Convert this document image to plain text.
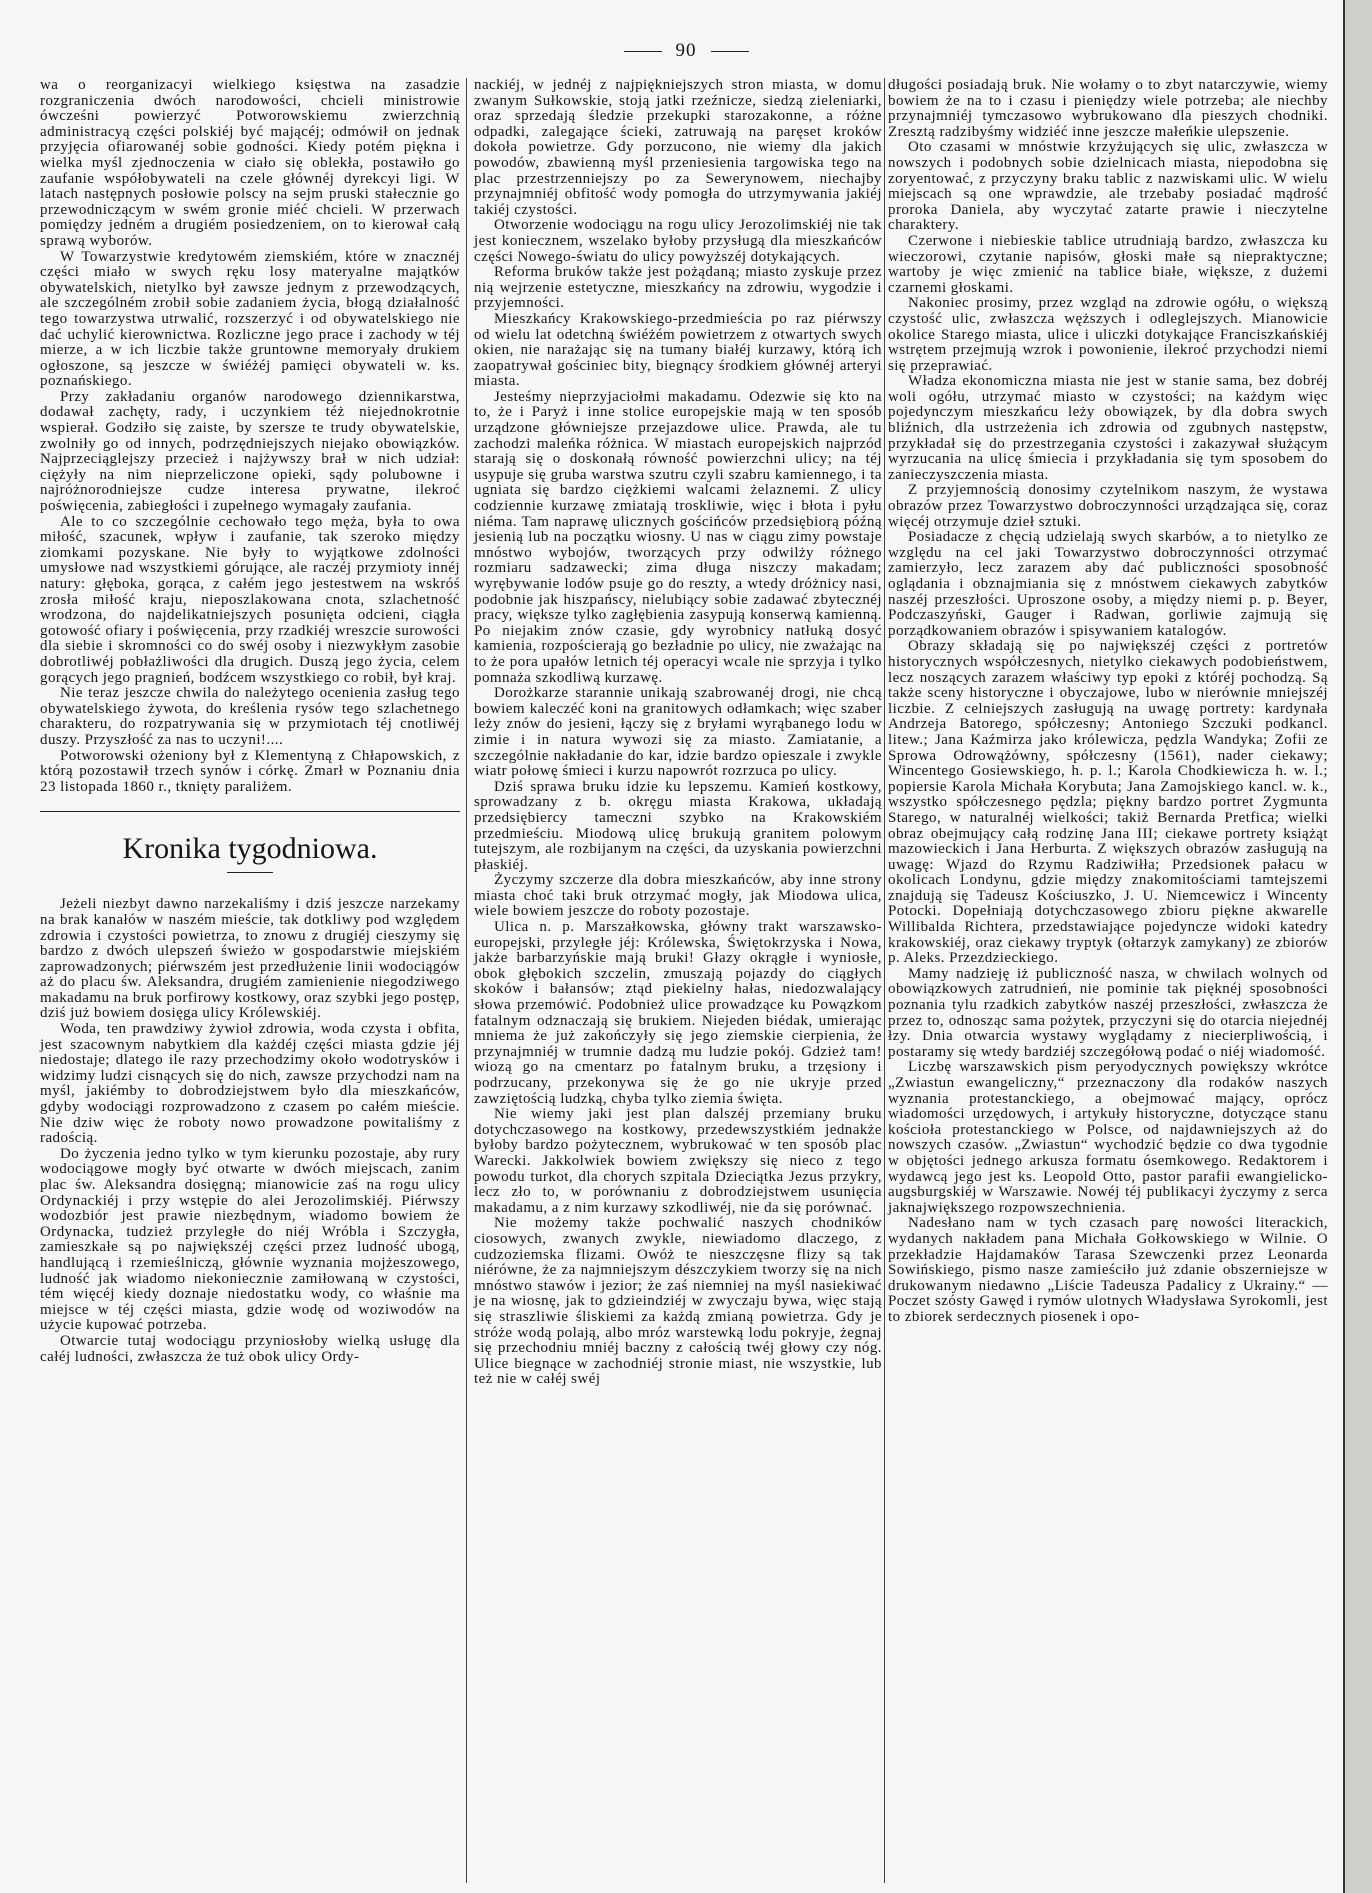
90

wa o reorganizacyi wielkiego księstwa na zasadzie rozgraniczenia dwóch narodowości, chcieli ministrowie ówcześni powierzyć Potworowskiemu zwierzchnią administracyą części polskiéj być mającéj; odmówił on jednak przyjęcia ofiarowanéj sobie godności. Kiedy potém piękna i wielka myśl zjednoczenia w ciało się oblekła, postawiło go zaufanie współobywateli na czele głównéj dyrekcyi ligi. W latach następnych posłowie polscy na sejm pruski stałecznie go przewodniczącym w swém gronie miéć chcieli. W przerwach pomiędzy jedném a drugiém posiedzeniem, on to kierował całą sprawą wyborów.

W Towarzystwie kredytowém ziemskiém, które w znacznéj części miało w swych ręku losy materyalne majątków obywatelskich, nietylko był zawsze jednym z przewodzących, ale szczególném zrobił sobie zadaniem życia, błogą działalność tego towarzystwa utrwalić, rozszerzyć i od obywatelskiego nie dać uchylić kierownictwa. Rozliczne jego prace i zachody w téj mierze, a w ich liczbie także gruntowne memoryały drukiem ogłoszone, są jeszcze w świéżéj pamięci obywateli w. ks. poznańskiego.

Przy zakładaniu organów narodowego dziennikarstwa, dodawał zachęty, rady, i uczynkiem téż niejednokrotnie wspierał. Godziło się zaiste, by szersze te trudy obywatelskie, zwolniły go od innych, podrzędniejszych niejako obowiązków. Najprzeciąglejszy przecież i najżywszy brał w nich udział: ciężyły na nim nieprzeliczone opieki, sądy polubowne i najróżnorodniejsze cudze interesa prywatne, ilekroć poświęcenia, zabiegłości i zupełnego wymagały zaufania.

Ale to co szczególnie cechowało tego męża, była to owa miłość, szacunek, wpływ i zaufanie, tak szeroko między ziomkami pozyskane. Nie były to wyjątkowe zdolności umysłowe nad wszystkiemi górujące, ale raczéj przymioty innéj natury: głęboka, gorąca, z całém jego jestestwem na wskróś zrosła miłość kraju, nieposzlakowana cnota, szlachetność wrodzona, do najdelikatniejszych posunięta odcieni, ciągła gotowość ofiary i poświęcenia, przy rzadkiéj wreszcie surowości dla siebie i skromności co do swéj osoby i niezwykłym zasobie dobrotliwéj pobłażliwości dla drugich. Duszą jego życia, celem gorących jego pragnień, bodźcem wszystkiego co robił, był kraj.

Nie teraz jeszcze chwila do należytego ocenienia zasług tego obywatelskiego żywota, do kreślenia rysów tego szlachetnego charakteru, do rozpatrywania się w przymiotach téj cnotliwéj duszy. Przyszłość za nas to uczyni!....

Potworowski ożeniony był z Klementyną z Chłapowskich, z którą pozostawił trzech synów i córkę. Zmarł w Poznaniu dnia 23 listopada 1860 r., tknięty paraliżem.

Kronika tygodniowa.

Jeżeli niezbyt dawno narzekaliśmy i dziś jeszcze narzekamy na brak kanałów w naszém mieście, tak dotkliwy pod względem zdrowia i czystości powietrza, to znowu z drugiéj cieszymy się bardzo z dwóch ulepszeń świeżo w gospodarstwie miejskiém zaprowadzonych; piérwszém jest przedłużenie linii wodociągów aż do placu św. Aleksandra, drugiém zamienienie niegodziwego makadamu na bruk porfirowy kostkowy, oraz szybki jego postęp, dziś już bowiem dosięga ulicy Królewskiéj.

Woda, ten prawdziwy żywioł zdrowia, woda czysta i obfita, jest szacownym nabytkiem dla każdéj części miasta gdzie jéj niedostaje; dlatego ile razy przechodzimy około wodotrysków i widzimy ludzi cisnących się do nich, zawsze przychodzi nam na myśl, jakiémby to dobrodziejstwem było dla mieszkańców, gdyby wodociągi rozprowadzono z czasem po całém mieście. Nie dziw więc że roboty nowo prowadzone powitaliśmy z radością.

Do życzenia jedno tylko w tym kierunku pozostaje, aby rury wodociągowe mogły być otwarte w dwóch miejscach, zanim plac św. Aleksandra dosięgną; mianowicie zaś na rogu ulicy Ordynackiéj i przy wstępie do alei Jerozolimskiéj. Piérwszy wodozbiór jest prawie niezbędnym, wiadomo bowiem że Ordynacka, tudzież przyległe do niéj Wróbla i Szczygła, zamieszkałe są po największéj części przez ludność ubogą, handlującą i rzemieślniczą, głównie wyznania mojżeszowego, ludność jak wiadomo niekoniecznie zamiłowaną w czystości, tém więcéj kiedy doznaje niedostatku wody, co właśnie ma miejsce w téj części miasta, gdzie wodę od woziwodów na użycie kupować potrzeba.

Otwarcie tutaj wodociągu przyniosłoby wielką usługę dla całéj ludności, zwłaszcza że tuż obok ulicy Ordy-

nackiéj, w jednéj z najpiękniejszych stron miasta, w domu zwanym Sułkowskie, stoją jatki rzeźnicze, siedzą zieleniarki, oraz sprzedają śledzie przekupki starozakonne, a różne odpadki, zalegające ścieki, zatruwają na paręset kroków dokoła powietrze. Gdy porzucono, nie wiemy dla jakich powodów, zbawienną myśl przeniesienia targowiska tego na plac przestrzenniejszy po za Sewerynowem, niechajby przynajmniéj obfitość wody pomogła do utrzymywania jakiéj takiéj czystości.

Otworzenie wodociągu na rogu ulicy Jerozolimskiéj nie tak jest koniecznem, wszelako byłoby przysługą dla mieszkańców części Nowego-światu do ulicy powyższéj dotykających.

Reforma bruków także jest pożądaną; miasto zyskuje przez nią wejrzenie estetyczne, mieszkańcy na zdrowiu, wygodzie i przyjemności.

Mieszkańcy Krakowskiego-przedmieścia po raz piérwszy od wielu lat odetchną świéżém powietrzem z otwartych swych okien, nie narażając się na tumany białéj kurzawy, którą ich zaopatrywał gościniec bity, biegnący środkiem głównéj arteryi miasta.

Jesteśmy nieprzyjaciołmi makadamu. Odezwie się kto na to, że i Paryż i inne stolice europejskie mają w ten sposób urządzone główniejsze przejazdowe ulice. Prawda, ale tu zachodzi maleńka różnica. W miastach europejskich najprzód starają się o doskonałą równość powierzchni ulicy; na téj usypuje się gruba warstwa szutru czyli szabru kamiennego, i ta ugniata się bardzo ciężkiemi walcami żelaznemi. Z ulicy codziennie kurzawę zmiatają troskliwie, więc i błota i pyłu niéma. Tam naprawę ulicznych gościńców przedsiębiorą późną jesienią lub na początku wiosny. U nas w ciągu zimy powstaje mnóstwo wybojów, tworzących przy odwilży różnego rozmiaru sadzawecki; zima długa niszczy makadam; wyrębywanie lodów psuje go do reszty, a wtedy dróżnicy nasi, podobnie jak hiszpańscy, nielubiący sobie zadawać zbytecznéj pracy, większe tylko zagłębienia zasypują konserwą kamienną. Po niejakim znów czasie, gdy wyrobnicy natłuką dosyć kamienia, rozpościerają go bezładnie po ulicy, nie zważając na to że pora upałów letnich téj operacyi wcale nie sprzyja i tylko pomnaża szkodliwą kurzawę.

Dorożkarze starannie unikają szabrowanéj drogi, nie chcą bowiem kaleczéć koni na granitowych odłamkach; więc szaber leży znów do jesieni, łączy się z bryłami wyrąbanego lodu w zimie i in natura wywozi się za miasto. Zamiatanie, a szczególnie nakładanie do kar, idzie bardzo opieszale i zwykle wiatr połowę śmieci i kurzu napowrót rozrzuca po ulicy.

Dziś sprawa bruku idzie ku lepszemu. Kamień kostkowy, sprowadzany z b. okręgu miasta Krakowa, układają przedsiębiercy tameczni szybko na Krakowskiém przedmieściu. Miodową ulicę brukują granitem polowym tutejszym, ale rozbijanym na części, da uzyskania powierzchni płaskiéj.

Życzymy szczerze dla dobra mieszkańców, aby inne strony miasta choć taki bruk otrzymać mogły, jak Miodowa ulica, wiele bowiem jeszcze do roboty pozostaje.

Ulica n. p. Marszałkowska, główny trakt warszawsko-europejski, przyległe jéj: Królewska, Świętokrzyska i Nowa, jakże barbarzyńskie mają bruki! Głazy okrągłe i wyniosłe, obok głębokich szczelin, zmuszają pojazdy do ciągłych skoków i bałansów; ztąd piekielny hałas, niedozwalający słowa przemówić. Podobnież ulice prowadzące ku Powązkom fatalnym odznaczają się brukiem. Niejeden biédak, umierając mniema że już zakończyły się jego ziemskie cierpienia, że przynajmniéj w trumnie dadzą mu ludzie pokój. Gdzież tam! wiozą go na cmentarz po fatalnym bruku, a trzęsiony i podrzucany, przekonywa się że go nie ukryje przed zawziętością ludzką, chyba tylko ziemia święta.

Nie wiemy jaki jest plan dalszéj przemiany bruku dotychczasowego na kostkowy, przedewszystkiém jednakże byłoby bardzo pożytecznem, wybrukować w ten sposób plac Warecki. Jakkolwiek bowiem zwiększy się nieco z tego powodu turkot, dla chorych szpitala Dzieciątka Jezus przykry, lecz zło to, w porównaniu z dobrodziejstwem usunięcia makadamu, a z nim kurzawy szkodliwéj, nie da się porównać.

Nie możemy także pochwalić naszych chodników ciosowych, zwanych zwykle, niewiadomo dlaczego, z cudzoziemska flizami. Owóż te nieszczęsne flizy są tak niérówne, że za najmniejszym dészczykiem tworzy się na nich mnóstwo stawów i jezior; że zaś niemniej na myśl nasiekiwać je na wiosnę, jak to gdzieindziéj w zwyczaju bywa, więc stają się straszliwie śliskiemi za każdą zmianą powietrza. Gdy je stróże wodą polają, albo mróz warstewką lodu pokryje, żegnaj się przechodniu mniéj baczny z całością twéj głowy czy nóg. Ulice biegnące w zachodniéj stronie miast, nie wszystkie, lub też nie w całéj swéj

długości posiadają bruk. Nie wołamy o to zbyt natarczywie, wiemy bowiem że na to i czasu i pieniędzy wiele potrzeba; ale niechby przynajmniéj tymczasowo wybrukowano dla pieszych chodniki. Zresztą radzibyśmy widziéć inne jeszcze małeńkie ulepszenie.

Oto czasami w mnóstwie krzyżujących się ulic, zwłaszcza w nowszych i podobnych sobie dzielnicach miasta, niepodobna się zoryentować, z przyczyny braku tablic z nazwiskami ulic. W wielu miejscach są one wprawdzie, ale trzebaby posiadać mądrość proroka Daniela, aby wyczytać zatarte prawie i nieczytelne charaktery.

Czerwone i niebieskie tablice utrudniają bardzo, zwłaszcza ku wieczorowi, czytanie napisów, głoski małe są niepraktyczne; wartoby je więc zmienić na tablice białe, większe, z dużemi czarnemi głoskami.

Nakoniec prosimy, przez wzgląd na zdrowie ogółu, o większą czystość ulic, zwłaszcza węższych i odleglejszych. Mianowicie okolice Starego miasta, ulice i uliczki dotykające Franciszkańskiéj wstrętem przejmują wzrok i powonienie, ilekroć przychodzi niemi się przeprawiać.

Władza ekonomiczna miasta nie jest w stanie sama, bez dobréj woli ogółu, utrzymać miasto w czystości; na każdym więc pojedynczym mieszkańcu leży obowiązek, by dla dobra swych bliźnich, dla ustrzeżenia ich zdrowia od zgubnych następstw, przykładał się do przestrzegania czystości i zakazywał służącym wyrzucania na ulicę śmiecia i przykładania się tym sposobem do zanieczyszczenia miasta.

Z przyjemnością donosimy czytelnikom naszym, że wystawa obrazów przez Towarzystwo dobroczynności urządzająca się, coraz więcéj otrzymuje dzieł sztuki.

Posiadacze z chęcią udzielają swych skarbów, a to nietylko ze względu na cel jaki Towarzystwo dobroczynności otrzymać zamierzyło, lecz zarazem aby dać publiczności sposobność oglądania i obznajmiania się z mnóstwem ciekawych zabytków naszéj przeszłości. Uproszone osoby, a między niemi p. p. Beyer, Podczaszyński, Gauger i Radwan, gorliwie zajmują się porządkowaniem obrazów i spisywaniem katalogów.

Obrazy składają się po największéj części z portretów historycznych współczesnych, nietylko ciekawych podobieństwem, lecz noszących zarazem właściwy typ epoki z któréj pochodzą. Są także sceny historyczne i obyczajowe, lubo w nierównie mniejszéj liczbie. Z celniejszych zasługują na uwagę portrety: kardynała Andrzeja Batorego, spółczesny; Antoniego Szczuki podkancl. litew.; Jana Kaźmirza jako królewicza, pędzla Wandyka; Zofii ze Sprowa Odrowążówny, spółczesny (1561), nader ciekawy; Wincentego Gosiewskiego, h. p. l.; Karola Chodkiewicza h. w. l.; popiersie Karola Michała Korybuta; Jana Zamojskiego kancl. w. k., wszystko spółczesnego pędzla; piękny bardzo portret Zygmunta Starego, w naturalnéj wielkości; takiż Bernarda Pretfica; wielki obraz obejmujący całą rodzinę Jana III; ciekawe portrety książąt mazowieckich i Jana Herburta. Z większych obrazów zasługują na uwagę: Wjazd do Rzymu Radziwiłła; Przedsionek pałacu w okolicach Londynu, gdzie między znakomitościami tamtejszemi znajdują się Tadeusz Kościuszko, J. U. Niemcewicz i Wincenty Potocki. Dopełniają dotychczasowego zbioru piękne akwarelle Willibalda Richtera, przedstawiające pojedyncze widoki katedry krakowskiéj, oraz ciekawy tryptyk (ołtarzyk zamykany) ze zbiorów p. Aleks. Przezdzieckiego.

Mamy nadzieję iż publiczność nasza, w chwilach wolnych od obowiązkowych zatrudnień, nie pominie tak pięknéj sposobności poznania tylu rzadkich zabytków naszéj przeszłości, zwłaszcza że przez to, odnosząc sama pożytek, przyczyni się do otarcia niejednéj łzy. Dnia otwarcia wystawy wyglądamy z niecierpliwością, i postaramy się wtedy bardziéj szczegółową podać o niéj wiadomość.

Liczbę warszawskich pism peryodycznych powiększy wkrótce „Zwiastun ewangeliczny,“ przeznaczony dla rodaków naszych wyznania protestanckiego, a obejmować mający, oprócz wiadomości urzędowych, i artykuły historyczne, dotyczące stanu kościoła protestanckiego w Polsce, od najdawniejszych aż do nowszych czasów. „Zwiastun“ wychodzić będzie co dwa tygodnie w objętości jednego arkusza formatu ósemkowego. Redaktorem i wydawcą jego jest ks. Leopold Otto, pastor parafii ewangielicko-augsburgskiéj w Warszawie. Nowéj téj publikacyi życzymy z serca jaknajwiększego rozpowszechnienia.

Nadesłano nam w tych czasach parę nowości literackich, wydanych nakładem pana Michała Gołkowskiego w Wilnie. O przekładzie Hajdamaków Tarasa Szewczenki przez Leonarda Sowińskiego, pismo nasze zamieściło już zdanie obszerniejsze w drukowanym niedawno „Liście Tadeusza Padalicy z Ukrainy.“ — Poczet szósty Gawęd i rymów ulotnych Władysława Syrokomli, jest to zbiorek serdecznych piosenek i opo-
